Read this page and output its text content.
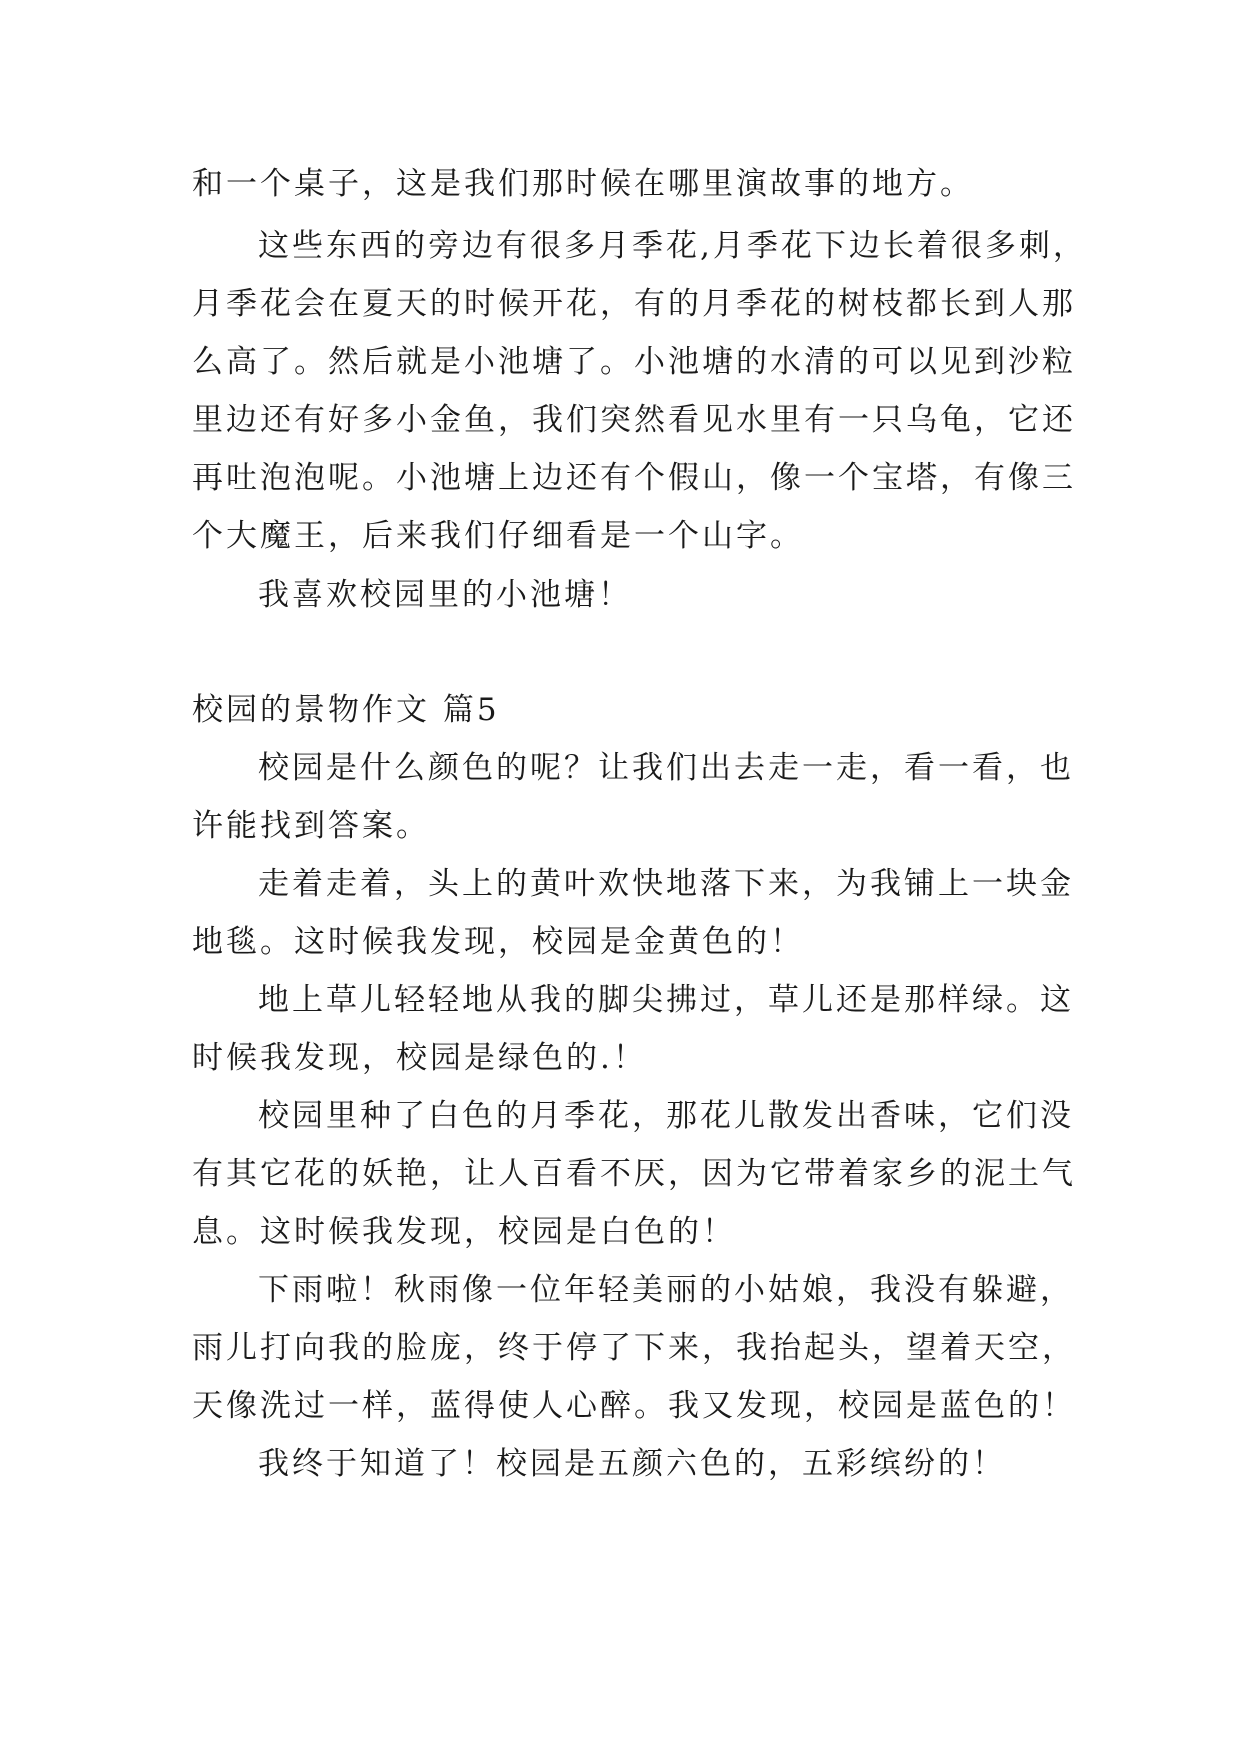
和一个桌子，这是我们那时候在哪里演故事的地方。
这些东西的旁边有很多月季花,月季花下边长着很多刺，
月季花会在夏天的时候开花，有的月季花的树枝都长到人那
么高了。然后就是小池塘了。小池塘的水清的可以见到沙粒
里边还有好多小金鱼，我们突然看见水里有一只乌龟，它还
再吐泡泡呢。小池塘上边还有个假山，像一个宝塔，有像三
个大魔王，后来我们仔细看是一个山字。
我喜欢校园里的小池塘！
校园的景物作文 篇5
校园是什么颜色的呢？让我们出去走一走，看一看，也
许能找到答案。
走着走着，头上的黄叶欢快地落下来，为我铺上一块金
地毯。这时候我发现，校园是金黄色的！
地上草儿轻轻地从我的脚尖拂过，草儿还是那样绿。这
时候我发现，校园是绿色的.！
校园里种了白色的月季花，那花儿散发出香味，它们没
有其它花的妖艳，让人百看不厌，因为它带着家乡的泥土气
息。这时候我发现，校园是白色的！
下雨啦！秋雨像一位年轻美丽的小姑娘，我没有躲避，
雨儿打向我的脸庞，终于停了下来，我抬起头，望着天空，
天像洗过一样，蓝得使人心醉。我又发现，校园是蓝色的！
我终于知道了！校园是五颜六色的，五彩缤纷的！
